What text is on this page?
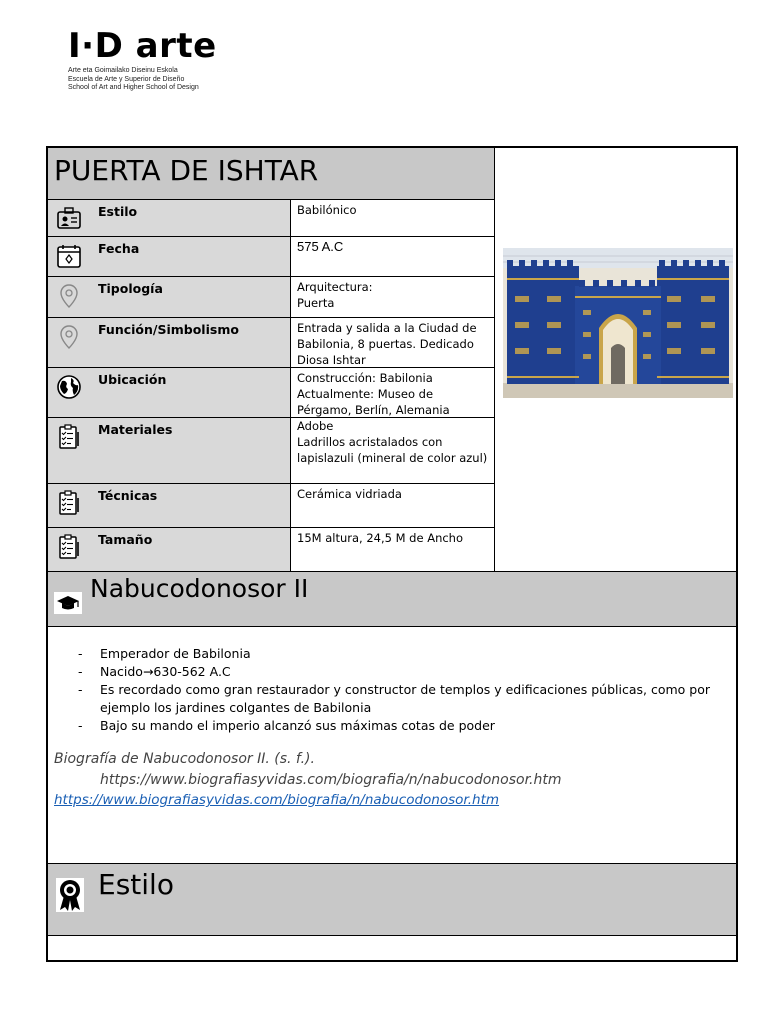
I·D arte
Arte eta Goimailako Diseinu Eskola
Escuela de Arte y Superior de Diseño
School of Art and Higher School of Design
PUERTA DE ISHTAR
Estilo	Babilónico
Fecha	575 A.C
Tipología	Arquitectura:
Puerta
Función/Simbolismo	Entrada y salida a la Ciudad de
Babilonia, 8 puertas. Dedicado
Diosa Ishtar
Ubicación	Construcción: Babilonia
Actualmente: Museo de
Pérgamo, Berlín, Alemania
Materiales	Adobe
Ladrillos acristalados con
lapislazuli (mineral de color azul)
Técnicas	Cerámica vidriada
Tamaño	15M altura, 24,5 M de Ancho
Nabucodonosor II
- Emperador de Babilonia
- Nacido→630-562 A.C
- Es recordado como gran restaurador y constructor de templos y edificaciones públicas, como por ejemplo los jardines colgantes de Babilonia
- Bajo su mando el imperio alcanzó sus máximas cotas de poder
Biografía de Nabucodonosor II. (s. f.).
https://www.biografiasyvidas.com/biografia/n/nabucodonosor.htm
https://www.biografiasyvidas.com/biografia/n/nabucodonosor.htm
Estilo
